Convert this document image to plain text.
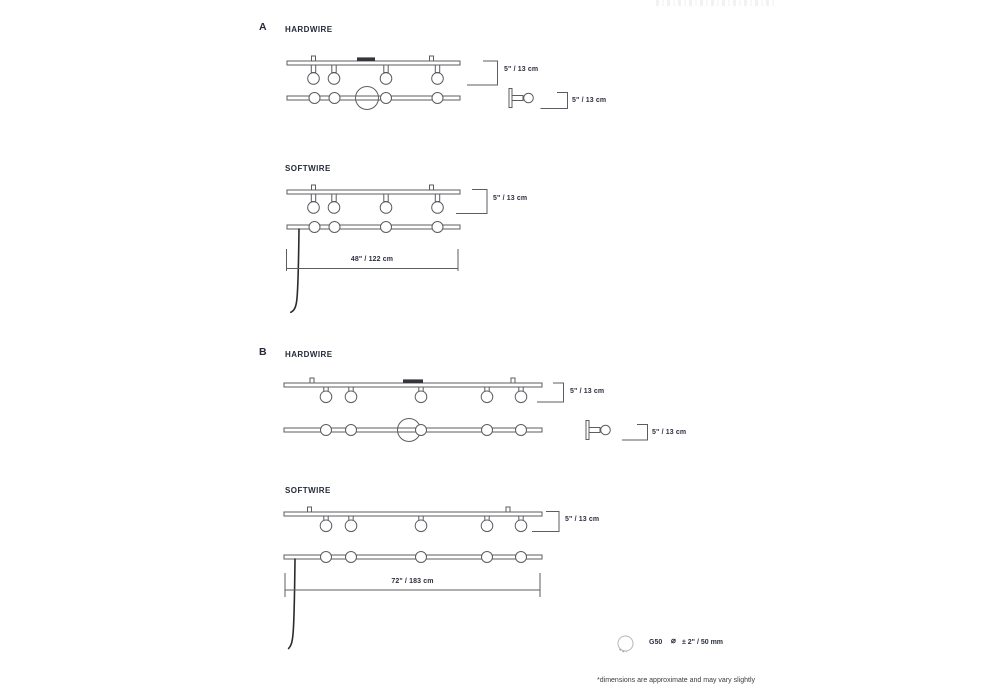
A HARDWIRE
SOFTWIRE
B HARDWIRE
SOFTWIRE
5" / 13 cm
5" / 13 cm
5" / 13 cm
48" / 122 cm
5" / 13 cm
5" / 13 cm
5" / 13 cm
72" / 183 cm
G50 ⌀ ± 2" / 50 mm
*dimensions are approximate and may vary slightly
